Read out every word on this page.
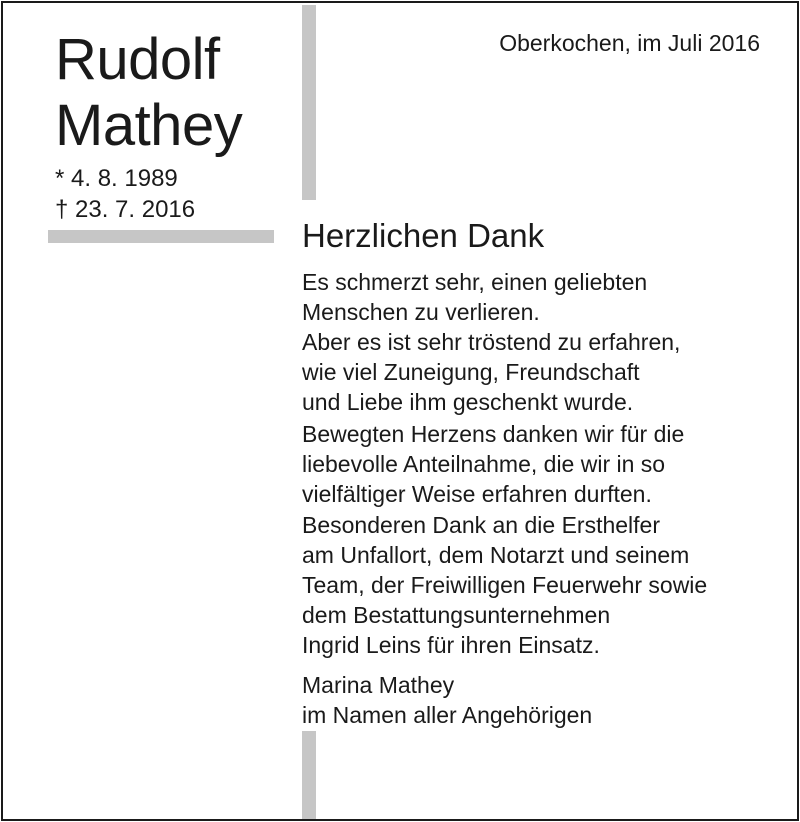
Rudolf
Mathey
* 4. 8. 1989
† 23. 7. 2016
Oberkochen, im Juli 2016
Herzlichen Dank
Es schmerzt sehr, einen geliebten
Menschen zu verlieren.
Aber es ist sehr tröstend zu erfahren,
wie viel Zuneigung, Freundschaft
und Liebe ihm geschenkt wurde.
Bewegten Herzens danken wir für die
liebevolle Anteilnahme, die wir in so
vielfältiger Weise erfahren durften.
Besonderen Dank an die Ersthelfer
am Unfallort, dem Notarzt und seinem
Team, der Freiwilligen Feuerwehr sowie
dem Bestattungsunternehmen
Ingrid Leins für ihren Einsatz.
Marina Mathey
im Namen aller Angehörigen
